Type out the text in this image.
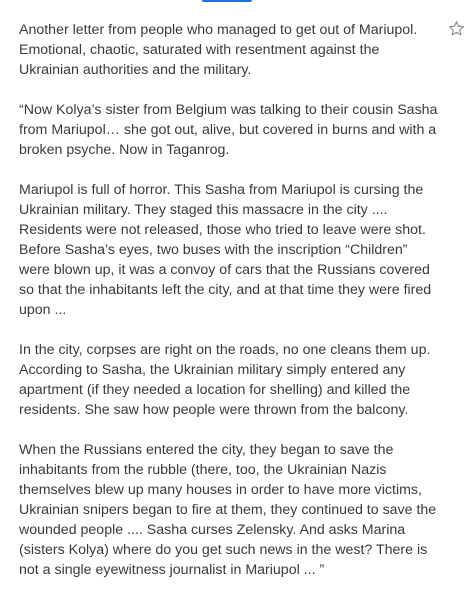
Another letter from people who managed to get out of Mariupol. Emotional, chaotic, saturated with resentment against the Ukrainian authorities and the military.

“Now Kolya’s sister from Belgium was talking to their cousin Sasha from Mariupol… she got out, alive, but covered in burns and with a broken psyche. Now in Taganrog.

Mariupol is full of horror. This Sasha from Mariupol is cursing the Ukrainian military. They staged this massacre in the city .... Residents were not released, those who tried to leave were shot. Before Sasha’s eyes, two buses with the inscription “Children” were blown up, it was a convoy of cars that the Russians covered so that the inhabitants left the city, and at that time they were fired upon ...

In the city, corpses are right on the roads, no one cleans them up. According to Sasha, the Ukrainian military simply entered any apartment (if they needed a location for shelling) and killed the residents. She saw how people were thrown from the balcony.

When the Russians entered the city, they began to save the inhabitants from the rubble (there, too, the Ukrainian Nazis themselves blew up many houses in order to have more victims, Ukrainian snipers began to fire at them, they continued to save the wounded people .... Sasha curses Zelensky. And asks Marina (sisters Kolya) where do you get such news in the west? There is not a single eyewitness journalist in Mariupol ... ”
